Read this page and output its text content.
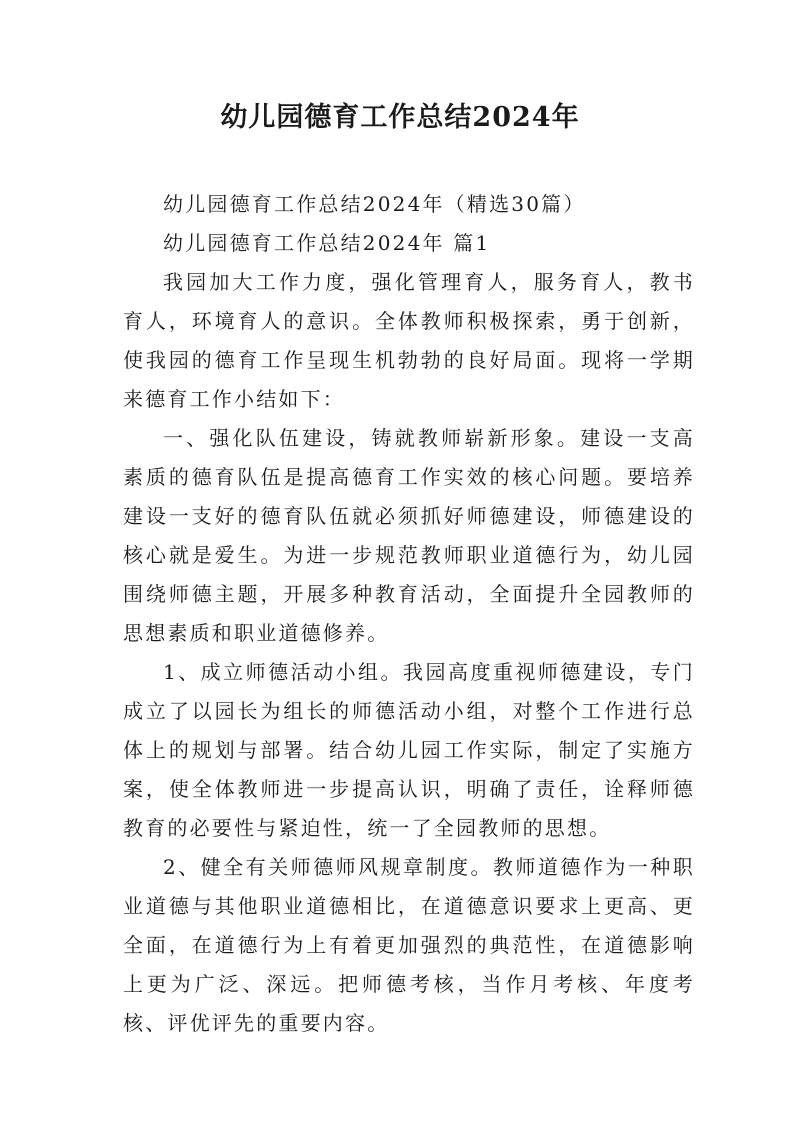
幼儿园德育工作总结2024年

幼儿园德育工作总结2024年（精选30篇）

幼儿园德育工作总结2024年 篇1

我园加大工作力度，强化管理育人，服务育人，教书育人，环境育人的意识。全体教师积极探索，勇于创新，使我园的德育工作呈现生机勃勃的良好局面。现将一学期来德育工作小结如下：

一、强化队伍建设，铸就教师崭新形象。建设一支高素质的德育队伍是提高德育工作实效的核心问题。要培养建设一支好的德育队伍就必须抓好师德建设，师德建设的核心就是爱生。为进一步规范教师职业道德行为，幼儿园围绕师德主题，开展多种教育活动，全面提升全园教师的思想素质和职业道德修养。

1、成立师德活动小组。我园高度重视师德建设，专门成立了以园长为组长的师德活动小组，对整个工作进行总体上的规划与部署。结合幼儿园工作实际，制定了实施方案，使全体教师进一步提高认识，明确了责任，诠释师德教育的必要性与紧迫性，统一了全园教师的思想。

2、健全有关师德师风规章制度。教师道德作为一种职业道德与其他职业道德相比，在道德意识要求上更高、更全面，在道德行为上有着更加强烈的典范性，在道德影响上更为广泛、深远。把师德考核，当作月考核、年度考核、评优评先的重要内容。
